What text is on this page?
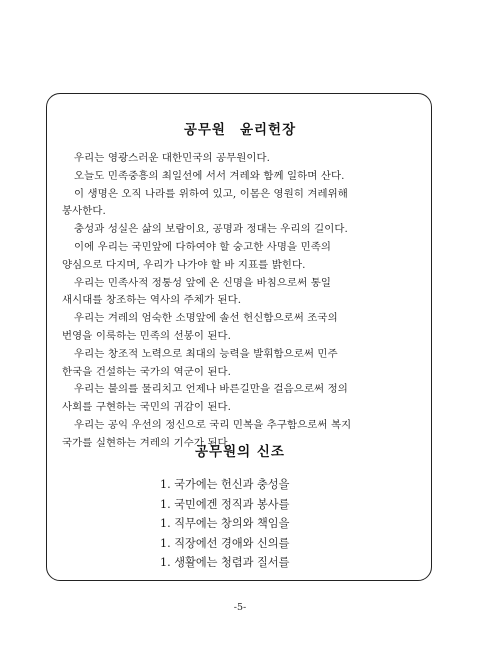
공무원 윤리헌장
우리는 영광스러운 대한민국의 공무원이다.
오늘도 민족중흥의 최일선에 서서 겨레와 함께 일하며 산다.
이 생명은 오직 나라를 위하여 있고, 이몸은 영원히 겨레위해
봉사한다.
충성과 성실은 삶의 보람이요, 공명과 정대는 우리의 길이다.
이에 우리는 국민앞에 다하여야 할 숭고한 사명을 민족의
양심으로 다지며, 우리가 나가야 할 바 지표를 밝힌다.
우리는 민족사적 정통성 앞에 온 신명을 바침으로써 통일
새시대를 창조하는 역사의 주체가 된다.
우리는 겨레의 엄숙한 소명앞에 솔선 헌신함으로써 조국의
번영을 이룩하는 민족의 선봉이 된다.
우리는 창조적 노력으로 최대의 능력을 발휘함으로써 민주
한국을 건설하는 국가의 역군이 된다.
우리는 불의를 물리치고 언제나 바른길만을 걸음으로써 정의
사회를 구현하는 국민의 귀감이 된다.
우리는 공익 우선의 정신으로 국리 민복을 추구함으로써 복지
국가를 실현하는 겨레의 기수가 된다.
공무원의 신조
1. 국가에는 헌신과 충성을
1. 국민에겐 정직과 봉사를
1. 직무에는 창의와 책임을
1. 직장에선 경애와 신의를
1. 생활에는 청렴과 질서를
-5-
